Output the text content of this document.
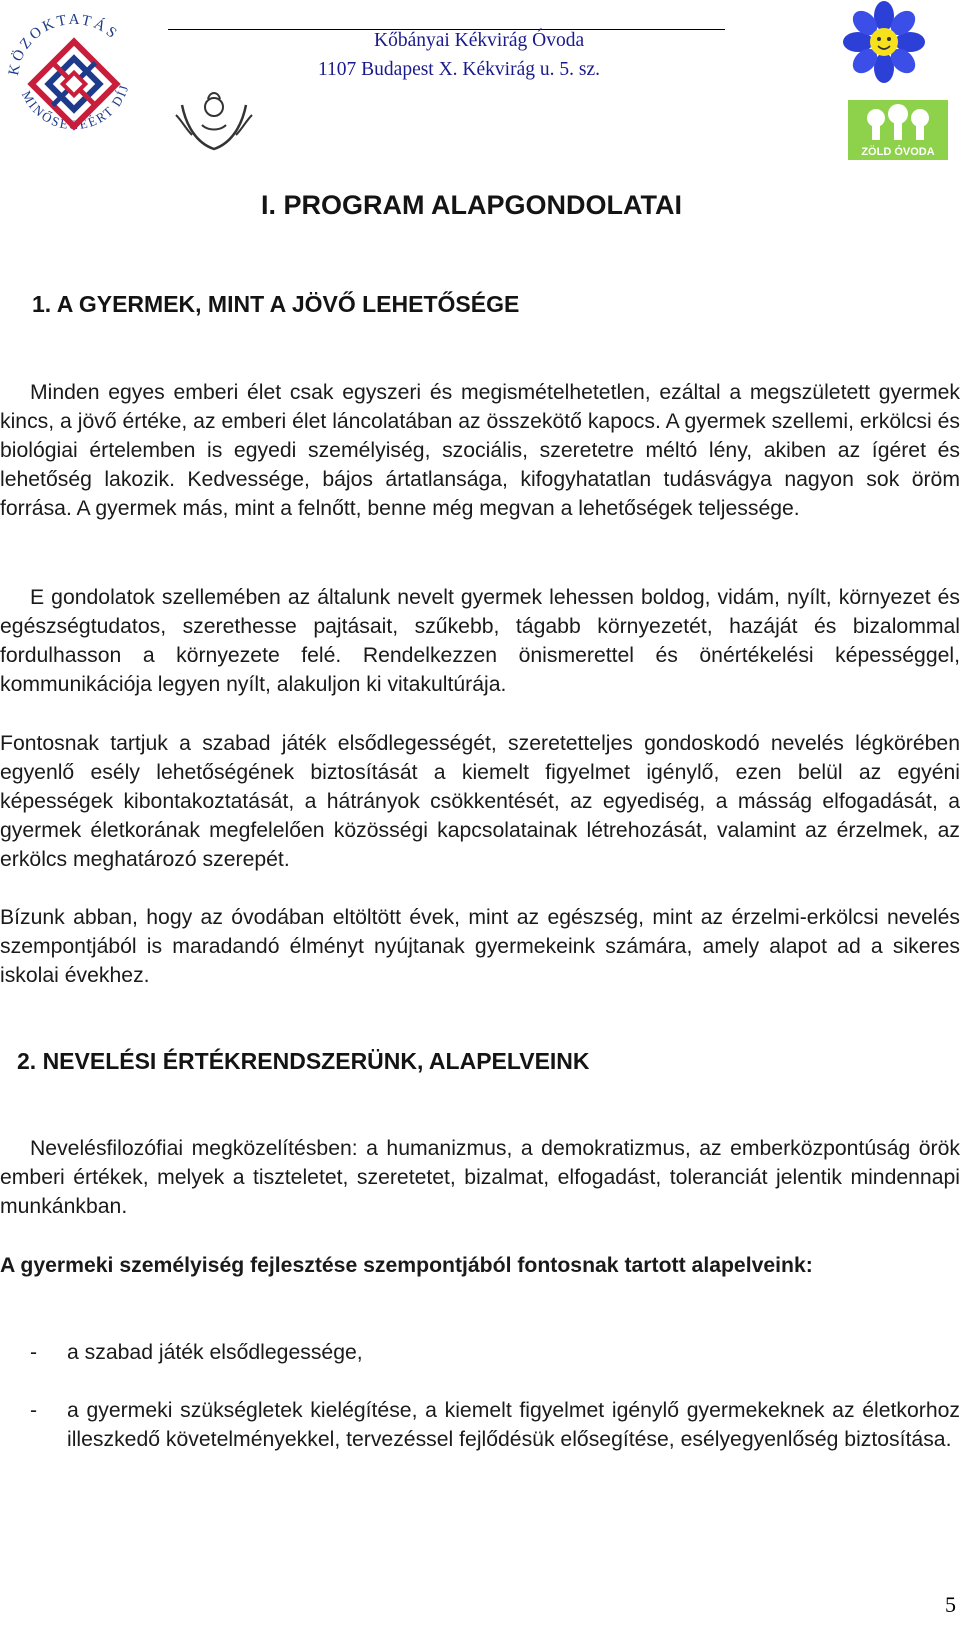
KÖZOKTATÁS
MINŐSÉGÉÉRT DÍJ
ZÖLD ÓVODA
Kőbányai Kékvirág Óvoda
1107 Budapest X. Kékvirág u. 5. sz.
I. PROGRAM ALAPGONDOLATAI
1. A GYERMEK, MINT A JÖVŐ LEHETŐSÉGE

Minden egyes emberi élet csak egyszeri és megismételhetetlen, ezáltal a megszületett gyermek kincs, a jövő értéke, az emberi élet láncolatában az összekötő kapocs. A gyermek szellemi, erkölcsi és biológiai értelemben is egyedi személyiség, szociális, szeretetre méltó lény, akiben az ígéret és lehetőség lakozik. Kedvessége, bájos ártatlansága, kifogyhatatlan tudásvágya nagyon sok öröm forrása. A gyermek más, mint a felnőtt, benne még megvan a lehetőségek teljessége.

E gondolatok szellemében az általunk nevelt gyermek lehessen boldog, vidám, nyílt, környezet és egészségtudatos, szerethesse pajtásait, szűkebb, tágabb környezetét, hazáját és bizalommal fordulhasson a környezete felé. Rendelkezzen önismerettel és önértékelési képességgel, kommunikációja legyen nyílt, alakuljon ki vitakultúrája.

Fontosnak tartjuk a szabad játék elsődlegességét, szeretetteljes gondoskodó nevelés légkörében egyenlő esély lehetőségének biztosítását a kiemelt figyelmet igénylő, ezen belül az egyéni képességek kibontakoztatását, a hátrányok csökkentését, az egyediség, a másság elfogadását, a gyermek életkorának megfelelően közösségi kapcsolatainak létrehozását, valamint az érzelmek, az erkölcs meghatározó szerepét.

Bízunk abban, hogy az óvodában eltöltött évek, mint az egészség, mint az érzelmi-erkölcsi nevelés szempontjából is maradandó élményt nyújtanak gyermekeink számára, amely alapot ad a sikeres iskolai évekhez.

2. NEVELÉSI ÉRTÉKRENDSZERÜNK, ALAPELVEINK

Nevelésfilozófiai megközelítésben: a humanizmus, a demokratizmus, az emberközpontúság örök emberi értékek, melyek a tiszteletet, szeretetet, bizalmat, elfogadást, toleranciát jelentik mindennapi munkánkban.

A gyermeki személyiség fejlesztése szempontjából fontosnak tartott alapelveink:

- a szabad játék elsődlegessége,
- a gyermeki szükségletek kielégítése, a kiemelt figyelmet igénylő gyermekeknek az életkorhoz illeszkedő követelményekkel, tervezéssel fejlődésük elősegítése, esélyegyenlőség biztosítása.
5
